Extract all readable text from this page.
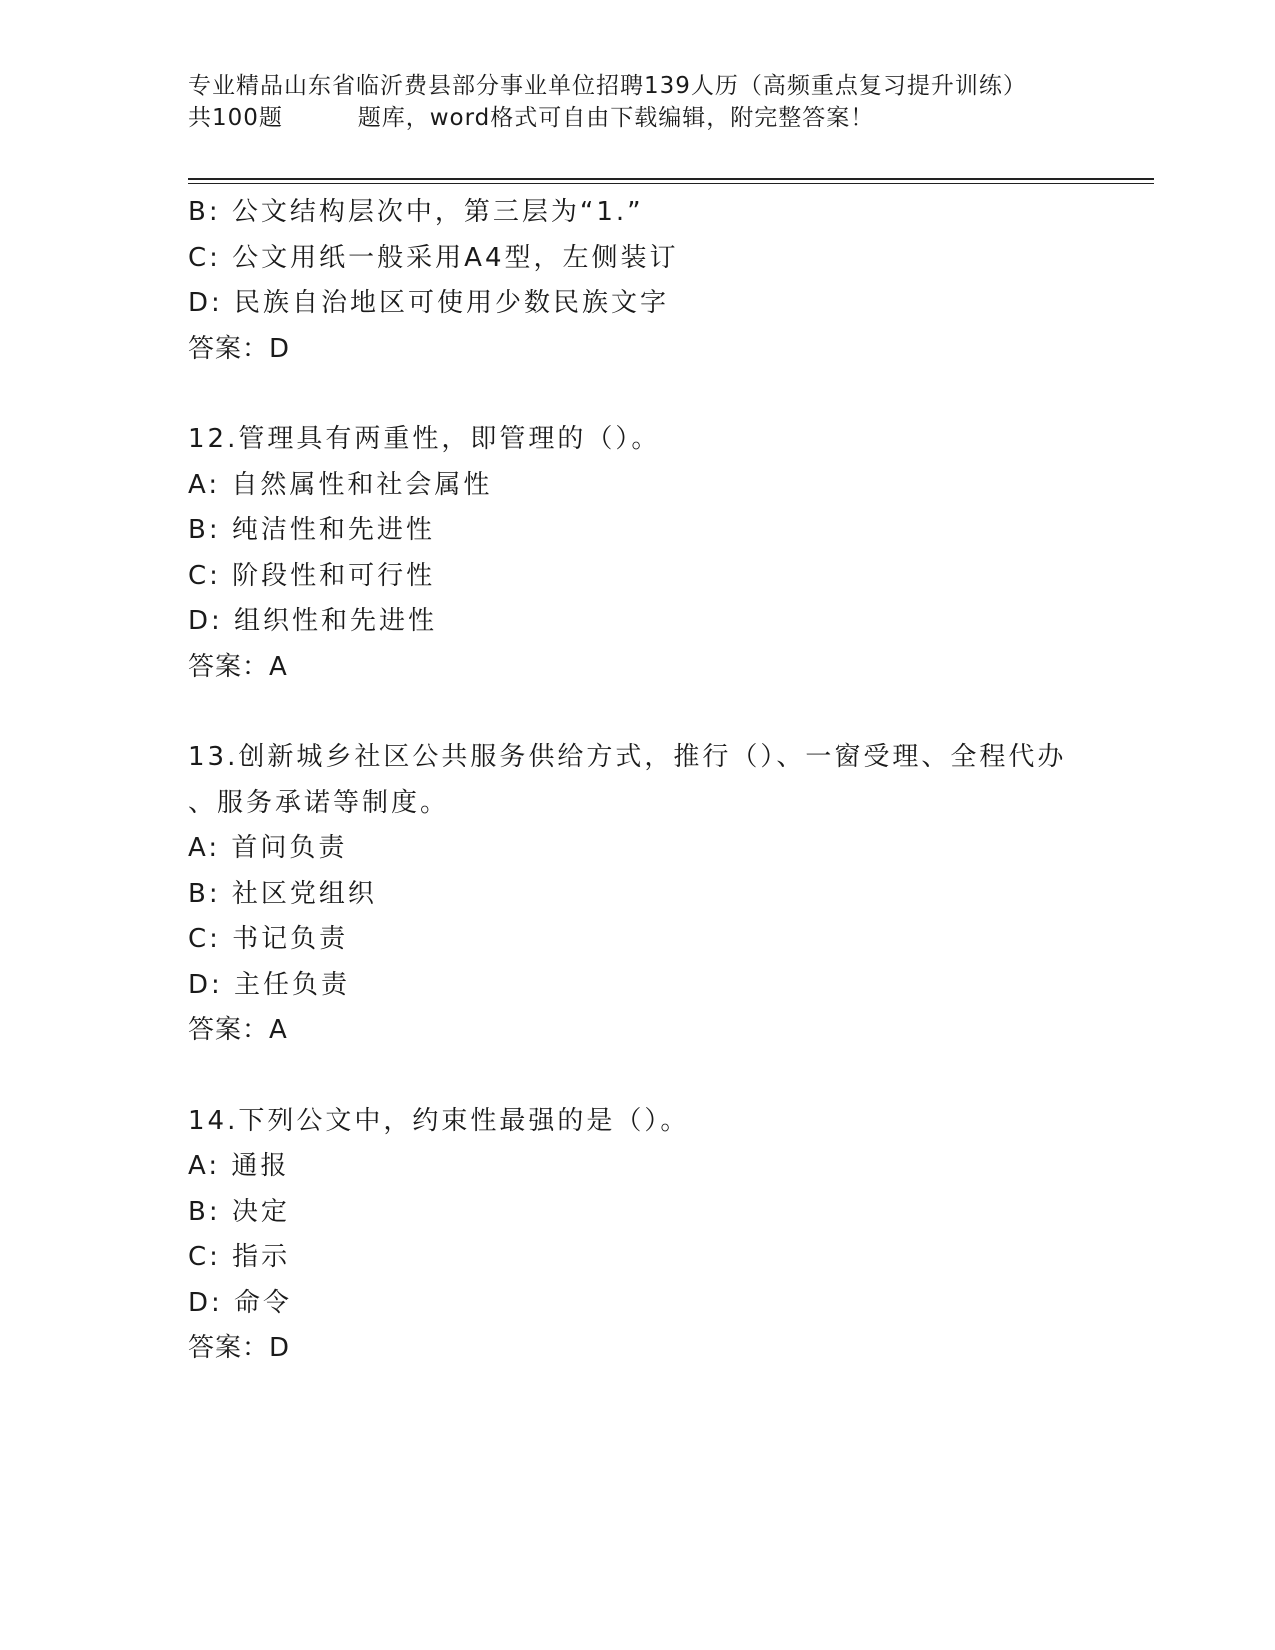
专业精品山东省临沂费县部分事业单位招聘139人历（高频重点复习提升训练）
共100题         题库，word格式可自由下载编辑，附完整答案！
B: 公文结构层次中，第三层为“1.”
C: 公文用纸一般采用A4型，左侧装订
D: 民族自治地区可使用少数民族文字
答案：D
12.管理具有两重性，即管理的（）。
A: 自然属性和社会属性
B: 纯洁性和先进性
C: 阶段性和可行性
D: 组织性和先进性
答案：A
13.创新城乡社区公共服务供给方式，推行（）、一窗受理、全程代办
、服务承诺等制度。
A: 首问负责
B: 社区党组织
C: 书记负责
D: 主任负责
答案：A
14.下列公文中，约束性最强的是（）。
A: 通报
B: 决定
C: 指示
D: 命令
答案：D
